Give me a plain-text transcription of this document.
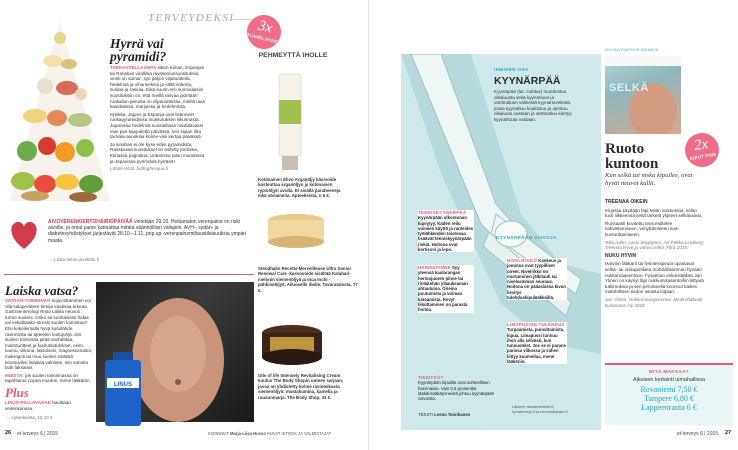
TERVEYDEKSI
Hyrrä vai pyramidi?

TARKASTELLAANPA sitten Kiinan, Espanjan tai Ranskan virallisia ravitsemussuosituksia, viesti on samar: syö paljon viljatuotteita, hedelmiä ja vihanneksia ja vältä sokeria, suolaa ja rasvaa. Eikä suurin ero suomalaisiin suosituksiin on, että meillä rasvaa pidetään ruokailun perusta on viljatuotteissa, meillä taas kasviksissa, marjoissa ja hedelmissä.

Kreikka, Japani ja Espanja ovat lisänneet ruokapyramidiinsa muistutuksen liikunnasta. Japanissa hedelmiä suositellaan nauttitavaksi vain pari kappaletta päivässä, sen sijaan liha tai kala-annoksia kolme-viisi kertaa päivässä.

Ja sinahan ei ole kyse edes pyramidista. Ranskassa suosituksel on esitetty portaina, Kiinassa pagodina, Unkarissa talon muodossa ja Japanissa pyörivänä hyrränä!

Lähde WLB, fudfoghesque.fi

3x
OLIVIÖLJYISET
PEHMEYTTÄ IHOLLE
Kotimainen Elivo Arganöljy käsivoide kosteuttaa arganöljyn ja kotimaisen rypsiöljyn avulla. Ei sisällä parabeeneja eikä väriaineita. Apteekeista, n 6 €.
Stendhalin Recette Merveilleuse Ultra Senior Renewal Care -kasvovoide sisältää Kalahari-melonin siemenöljyä ja Inca Inchi -pähkinäöljyä. Aikuiselle iholle. Tavaratalosta, 77 €.
Oils of life Intensely Revitalising Cream kuuluu The Body Shopin uuteen sarjaan, jossa on yhdistetty kolme ravinteikasta siemenöljyä: mustakumina, kamelia ja ruusunmarja. The Body Shop, 33 €.
AIVOVERENKIERTOHÄIRIÖPÄIVÄÄ vietetään 29.10. Hoitamaton verenpaine on riski aivoille, ja omat paine kannattaa mitata säännöllisin väliajoin. AVH-, sydän- ja diabetesyhdistykset järjestävät 28.10.–1.11. pop up -verenpainemittaustilaisuuksia ympäri maata.
○ Lisää tietoa aivoliitto.fi
Laiska vatsa?

VATSAN TOIMINNAN sujuvoittaminen voi olla salaperäisen tietoja vaativaa arkeaa. Gastroenterologi Risto Laitila neuvoo: turme suoleni. Onko se luontaisesti hidas vai sekoittaako stressi suolen toimintaa? Etsi kokeilemalla hyvä kuitulähde ravinnosta tai apteekin kuitujuhjä. Jos suolen toimintaa pitää vauhdittaa, maitotuotteet ja kuidutsatulokset, esim. luumu, viikuna, laktuloosi, magnesiumaitoi, makrogoli tai muu suolen sisältöä koostuviksi lisääviä valmiste, niin sanottu bulk laksatiivi.

MUISTA: jos suolen toiminnassa on tapahtunut nopea muutos, mene lääkäriin.

Plus
LINUS-PELLAVARAE hauittaan vedenkanssa.
○ Apteekeista, 10,10 €
LINUS
26 et terveys 6 | 2015	KOONNUT Marja-Liisa Husso KUVAT ISTOCK JA VALMISTAJAT
IHMISEN OSA
KYYNÄRPÄÄ
Kyynärpää (lat. cubitus) muodostuu olkaluusta sekä kyynärluun ja värttinäluun välisestä kyynärnivelestä, jossa kyynärluu koukistuu ja ojentuu olkaluuta vastaan ja värttinäluu kiertyy kyynärluuta vastaan.
TENNISKYYNÄRPÄÄ
Kyynärpään ulkoreunan kipeytyy. Käden reilu voimien käyttö ja ranteiden työlähkenden toistosaa lisäävät tenniskyynärpään riskiä. Hoitona ovat kortisoni ja lepo.
HERMOPINNE Syy yleensä kaularangan hermojuuren pinne tai rintakehän yläaukeaman ahtautuma. Oireina puutumista ja voiman katoamista. Kevyt liikuttaminen on parasta hoitoa.
KYYNÄRPÄÄN VAIVOJA
NIVELRIKKO Kankeus ja jomotus ovat tyypilliset oireet. Nivelrikko on murtuminen jälkitauti tai nivelvamman seuraus. Hoitona on pääasiassa kivun lievitys tulehduskipulääkkeillä.
LIMAPUSSIN TULEHDUS
Turpoamista, punoittamista, kipua. Limapussi tunnuu ihon alla selvästi, kun tunnustelet. Jos se ei parane parissa viikossa ja siihen liittyy kuumeilua, mene lääkäriin.
TIESITKÖ?
Kyynärpään kipuillat ovat suhteellisen harvinaisia. Vain 0,5 prosenttia lääkärissäkäynneistä johtuu kyynärpään vaivoista.
TEKSTI Leena Tannkanen
Lähteet: duodecimlehti.fi, hyvaterveys.fi ja terveyskirjasto.fi
HYVINVOINTIKIRJASARJA
SELKÄ
Ruoto kuntoon
2x
KIPUT POIS
Kun selkä tai niska kipuilee, ovat hyvät neuvot kullit.

TREENAA OIKEIN

Kirjassa käydään läpi selän anatomiaa, selän tuoli liikkeensä sekä tärkeät ylipteet selkävaivat.

Runsaasti kuvitettu teos esittelee vahvistamiseen, venyttämiseen kuin kuntouttamiseen.

Riku Aalto, Lassi Seppänen, Ari-Pekka Lindberg: Treenaa terve ja vahva selkä. Fitra 2015.

NUKU HYVIN

Harvoin lääkärit tai fysioterapeutit opastavat selkä- tai niskapotilaita muhdollisimman hyvään nukkumaasentoon. Fysiatrian erikoislääkäri Jari Ylinen on käynyt läpi nukkumisasentoihin liittyviä tutkimuksia ja sen perusteella koonnut kaiken mahdollisen tiedon asiasta kirjaan.

Jari Ylinen: Nukkumisergonomia. Medirehabook kustannus Oy 2015.

MITÄ MAKSAA?
Aikuisen kertainti uimahallissa
Rovaniemi 7,50 €
Tampere 6,80 €
Lappeenranta 6 €
et terveys 6 | 2015 27
